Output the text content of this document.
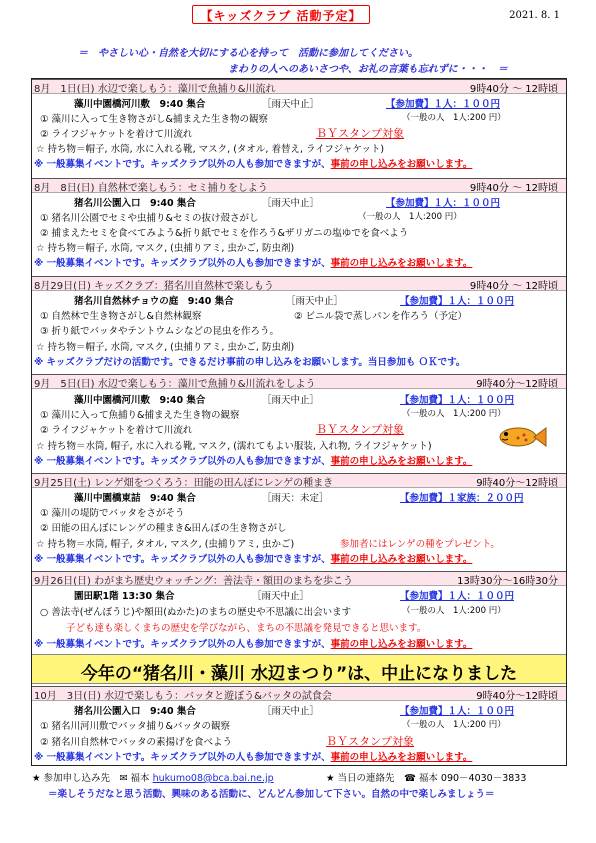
【キッズクラブ 活動予定】	2021. 8. 1
＝　やさしい心・自然を大切にする心を持って　活動に参加してください。
まわりの人へのあいさつや、お礼の言葉も忘れずに・・・　＝
8月　1日(日) 水辺で楽しもう：藻川で魚捕り&川流れ	9時40分 ～ 12時頃
藻川中園橋河川敷　9:40 集合	［雨天中止］	【参加費】１人：１００円
① 藻川に入って生き物さがし&捕まえた生き物の観察	（一般の人　1人:200 円）
② ライフジャケットを着けて川流れ	ＢＹスタンプ対象
☆ 持ち物＝帽子, 水筒, 水に入れる靴, マスク, (タオル, 着替え, ライフジャケット)
※ 一般募集イベントです。キッズクラブ以外の人も参加できますが、事前の申し込みをお願いします。
8月　8日(日) 自然林で楽しもう：セミ捕りをしよう	9時40分 ～ 12時頃
猪名川公園入口　9:40 集合	［雨天中止］	【参加費】１人：１００円
① 猪名川公園でセミや虫捕り&セミの抜け殻さがし	（一般の人　1人:200 円）
② 捕まえたセミを食べてみよう&折り紙でセミを作ろう&ザリガニの塩ゆでを食べよう
☆ 持ち物＝帽子, 水筒, マスク, (虫捕りアミ, 虫かご, 防虫剤)
※ 一般募集イベントです。キッズクラブ以外の人も参加できますが、事前の申し込みをお願いします。
8月29日(日) キッズクラブ：猪名川自然林で楽しもう	9時40分 ～ 12時頃
猪名川自然林チョウの庭　9:40 集合	［雨天中止］	【参加費】１人：１００円
① 自然林で生き物さがし&自然林観察	② ビニル袋で蒸しパンを作ろう（予定）
③ 折り紙でバッタやテントウムシなどの昆虫を作ろう。
☆ 持ち物＝帽子, 水筒, マスク, (虫捕りアミ, 虫かご, 防虫剤)
※ キッズクラブだけの活動です。できるだけ事前の申し込みをお願いします。当日参加も ＯＫです。
9月　5日(日) 水辺で楽しもう：藻川で魚捕り&川流れをしよう	9時40分～12時頃
藻川中園橋河川敷　9:40 集合	［雨天中止］	【参加費】１人：１００円
① 藻川に入って魚捕り&捕まえた生き物の観察	（一般の人　1人:200 円）
② ライフジャケットを着けて川流れ	ＢＹスタンプ対象
☆ 持ち物＝水筒, 帽子, 水に入れる靴, マスク, (濡れてもよい服装, 入れ物, ライフジャケット)
※ 一般募集イベントです。キッズクラブ以外の人も参加できますが、事前の申し込みをお願いします。
9月25日(土) レンゲ畑をつくろう：田能の田んぼにレンゲの種まき	9時40分～12時頃
藻川中園橋東詰　9:40 集合	［雨天：未定］	【参加費】１家族：２００円
① 藻川の堤防でバッタをさがそう
② 田能の田んぼにレンゲの種まき&田んぼの生き物さがし
☆ 持ち物＝水筒, 帽子, タオル, マスク, (虫捕りアミ, 虫かご)	参加者にはレンゲの種をプレゼント。
※ 一般募集イベントです。キッズクラブ以外の人も参加できますが、事前の申し込みをお願いします。
9月26日(日) わがまち歴史ウォッチング：善法寺・額田のまちを歩こう	13時30分～16時30分
園田駅1階 13:30 集合	［雨天中止］	【参加費】１人：１００円
○ 善法寺(ぜんぼうじ)や額田(ぬかた)のまちの歴史や不思議に出会います	（一般の人　1人:200 円）
子ども達も楽しくまちの歴史を学びながら、まちの不思議を発見できると思います。
※ 一般募集イベントです。キッズクラブ以外の人も参加できますが、事前の申し込みをお願いします。
今年の“猪名川・藻川 水辺まつり”は、中止になりました
10月　3日(日) 水辺で楽しもう：バッタと遊ぼう&バッタの試食会	9時40分～12時頃
猪名川公園入口　9:40 集合	［雨天中止］	【参加費】１人：１００円
① 猪名川河川敷でバッタ捕り&バッタの観察	（一般の人　1人:200 円）
② 猪名川自然林でバッタの素揚げを食べよう	ＢＹスタンプ対象
※ 一般募集イベントです。キッズクラブ以外の人も参加できますが、事前の申し込みをお願いします。
★ 参加申し込み先　✉ 福本 hukumo08@bca.bai.ne.jp	★ 当日の連絡先　☎ 福本 090－4030－3833
＝楽しそうだなと思う活動、興味のある活動に、どんどん参加して下さい。自然の中で楽しみましょう＝
